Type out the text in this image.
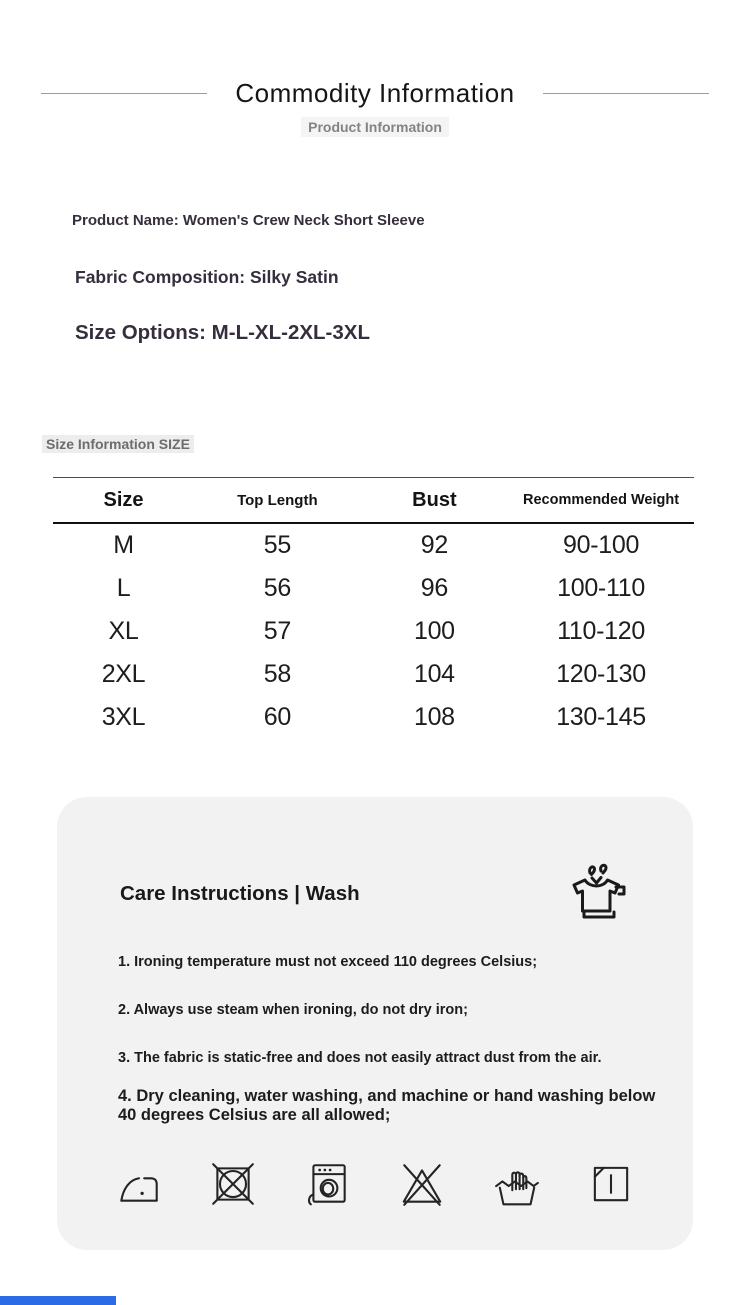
Commodity Information
Product Information
Product Name: Women's Crew Neck Short Sleeve
Fabric Composition: Silky Satin
Size Options: M-L-XL-2XL-3XL
Size Information SIZE
Size	Top Length	Bust	Recommended Weight
M	55	92	90-100
L	56	96	100-110
XL	57	100	110-120
2XL	58	104	120-130
3XL	60	108	130-145
Care Instructions | Wash
1. Ironing temperature must not exceed 110 degrees Celsius;
2. Always use steam when ironing, do not dry iron;
3. The fabric is static-free and does not easily attract dust from the air.
4. Dry cleaning, water washing, and machine or hand washing below 40 degrees Celsius are all allowed;
